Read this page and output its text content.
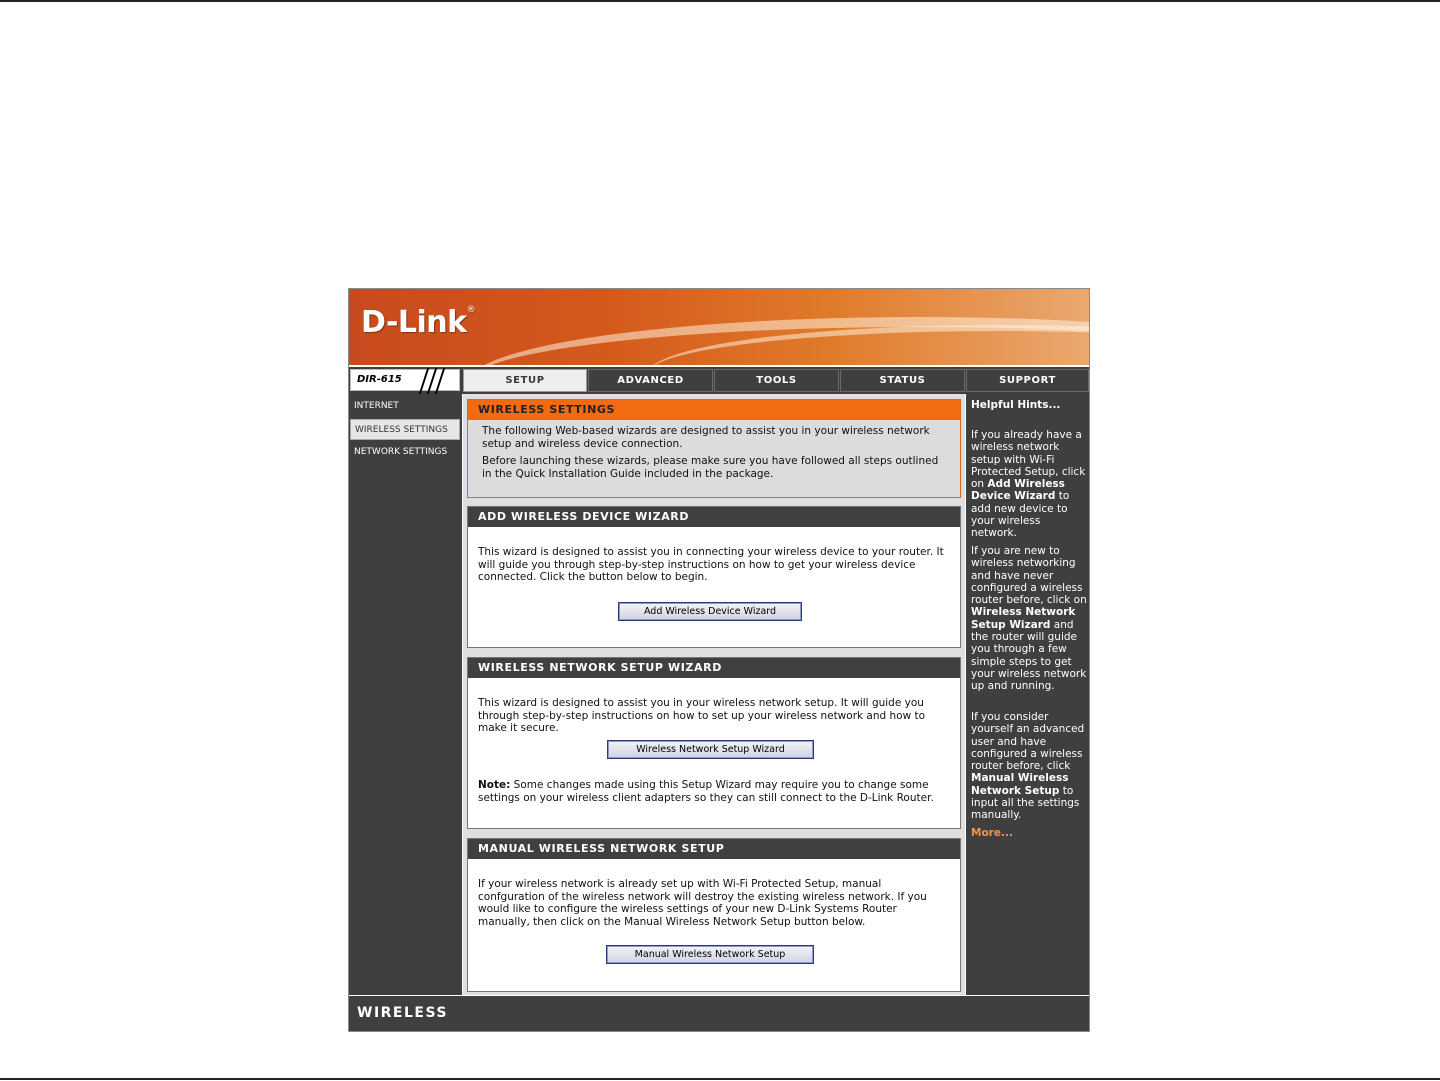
D-Link®
DIR-615	SETUP	ADVANCED	TOOLS	STATUS	SUPPORT
INTERNET
WIRELESS SETTINGS
NETWORK SETTINGS
WIRELESS SETTINGS

The following Web-based wizards are designed to assist you in your wireless network setup and wireless device connection.

Before launching these wizards, please make sure you have followed all steps outlined in the Quick Installation Guide included in the package.

ADD WIRELESS DEVICE WIZARD

This wizard is designed to assist you in connecting your wireless device to your router. It will guide you through step-by-step instructions on how to get your wireless device connected. Click the button below to begin.

Add Wireless Device Wizard
WIRELESS NETWORK SETUP WIZARD

This wizard is designed to assist you in your wireless network setup. It will guide you through step-by-step instructions on how to set up your wireless network and how to make it secure.

Wireless Network Setup Wizard

Note: Some changes made using this Setup Wizard may require you to change some settings on your wireless client adapters so they can still connect to the D-Link Router.

MANUAL WIRELESS NETWORK SETUP

If your wireless network is already set up with Wi-Fi Protected Setup, manual confguration of the wireless network will destroy the existing wireless network. If you would like to configure the wireless settings of your new D-Link Systems Router manually, then click on the Manual Wireless Network Setup button below.

Manual Wireless Network Setup
Helpful Hints...
If you already have a wireless network setup with Wi-Fi Protected Setup, click on Add Wireless Device Wizard to add new device to your wireless network.
If you are new to wireless networking and have never configured a wireless router before, click on Wireless Network Setup Wizard and the router will guide you through a few simple steps to get your wireless network up and running.
If you consider yourself an advanced user and have configured a wireless router before, click Manual Wireless Network Setup to input all the settings manually.
More...
WIRELESS
